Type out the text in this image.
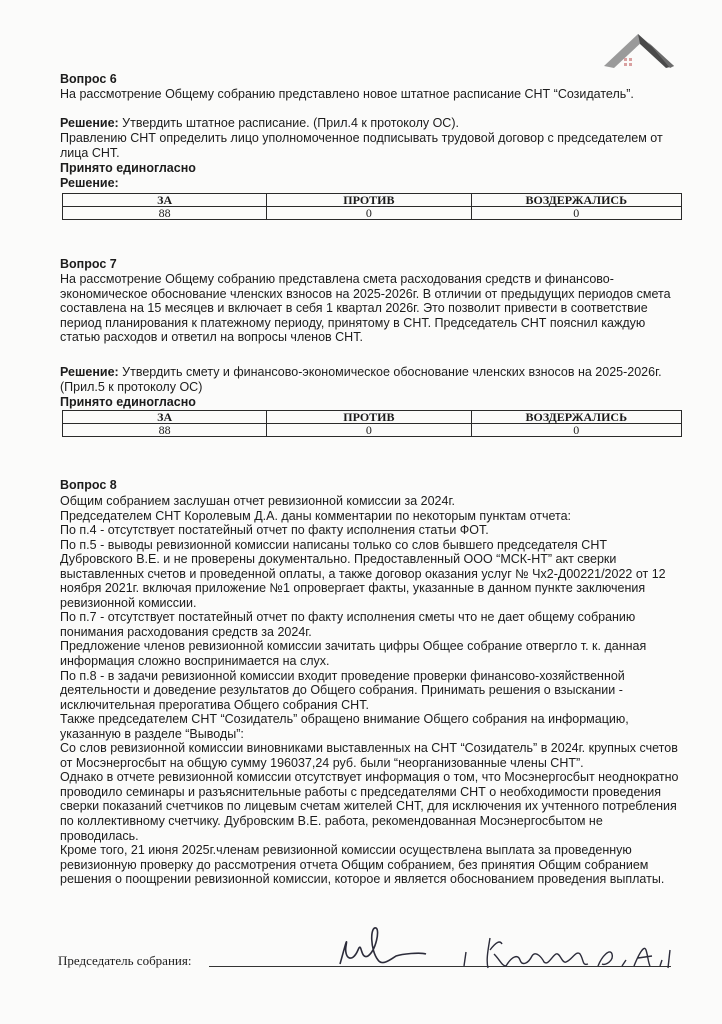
Вопрос 6
На рассмотрение Общему собранию представлено новое штатное расписание СНТ “Созидатель”.
Решение: Утвердить штатное расписание. (Прил.4 к протоколу ОС).
Правлению СНТ определить лицо уполномоченное подписывать трудовой договор с председателем от лица СНТ.
Принято единогласно
Решение:
ЗА	ПРОТИВ	ВОЗДЕРЖАЛИСЬ
88	0	0
Вопрос 7
На рассмотрение Общему собранию представлена смета расходования средств и финансово-экономическое обоснование членских взносов на 2025-2026г. В отличии от предыдущих периодов смета составлена на 15 месяцев и включает в себя 1 квартал 2026г. Это позволит привести в соответствие период планирования к платежному периоду, принятому в СНТ. Председатель СНТ пояснил каждую статью расходов и ответил на вопросы членов СНТ.
Решение: Утвердить смету и финансово-экономическое обоснование членских взносов на 2025-2026г. (Прил.5 к протоколу ОС)
Принято единогласно
ЗА	ПРОТИВ	ВОЗДЕРЖАЛИСЬ
88	0	0
Вопрос 8
Общим собранием заслушан отчет ревизионной комиссии за 2024г.
Председателем СНТ Королевым Д.А. даны комментарии по некоторым пунктам отчета:
По п.4 - отсутствует постатейный отчет по факту исполнения статьи ФОТ.
По п.5 - выводы ревизионной комиссии написаны только со слов бывшего председателя СНТ Дубровского В.Е. и не проверены документально. Предоставленный ООО “МСК-НТ” акт сверки выставленных счетов и проведенной оплаты, а также договор оказания услуг № Чх2-Д00221/2022 от 12 ноября 2021г. включая приложение №1 опровергает факты, указанные в данном пункте заключения ревизионной комиссии.
По п.7 - отсутствует постатейный отчет по факту исполнения сметы что не дает общему собранию понимания расходования средств за 2024г.
Предложение членов ревизионной комиссии зачитать цифры Общее собрание отвергло т. к. данная информация сложно воспринимается на слух.
По п.8 - в задачи ревизионной комиссии входит проведение проверки финансово-хозяйственной деятельности и доведение результатов до Общего собрания. Принимать решения о взыскании - исключительная прерогатива Общего собрания СНТ.
Также председателем СНТ “Созидатель” обращено внимание Общего собрания на информацию, указанную в разделе “Выводы”:
Со слов ревизионной комиссии виновниками выставленных на СНТ “Созидатель” в 2024г. крупных счетов от Мосэнергосбыт на общую сумму 196037,24 руб. были “неорганизованные члены СНТ”.
Однако в отчете ревизионной комиссии отсутствует информация о том, что Мосэнергосбыт неоднократно проводило семинары и разъяснительные работы с председателями СНТ о необходимости проведения сверки показаний счетчиков по лицевым счетам жителей СНТ, для исключения их учтенного потребления по коллективному счетчику. Дубровским В.Е. работа, рекомендованная Мосэнергосбытом не проводилась.
Кроме того, 21 июня 2025г.членам ревизионной комиссии осуществлена выплата за проведенную ревизионную проверку до рассмотрения отчета Общим собранием, без принятия Общим собранием решения о поощрении ревизионной комиссии, которое и является обоснованием проведения выплаты.
Председатель собрания:
